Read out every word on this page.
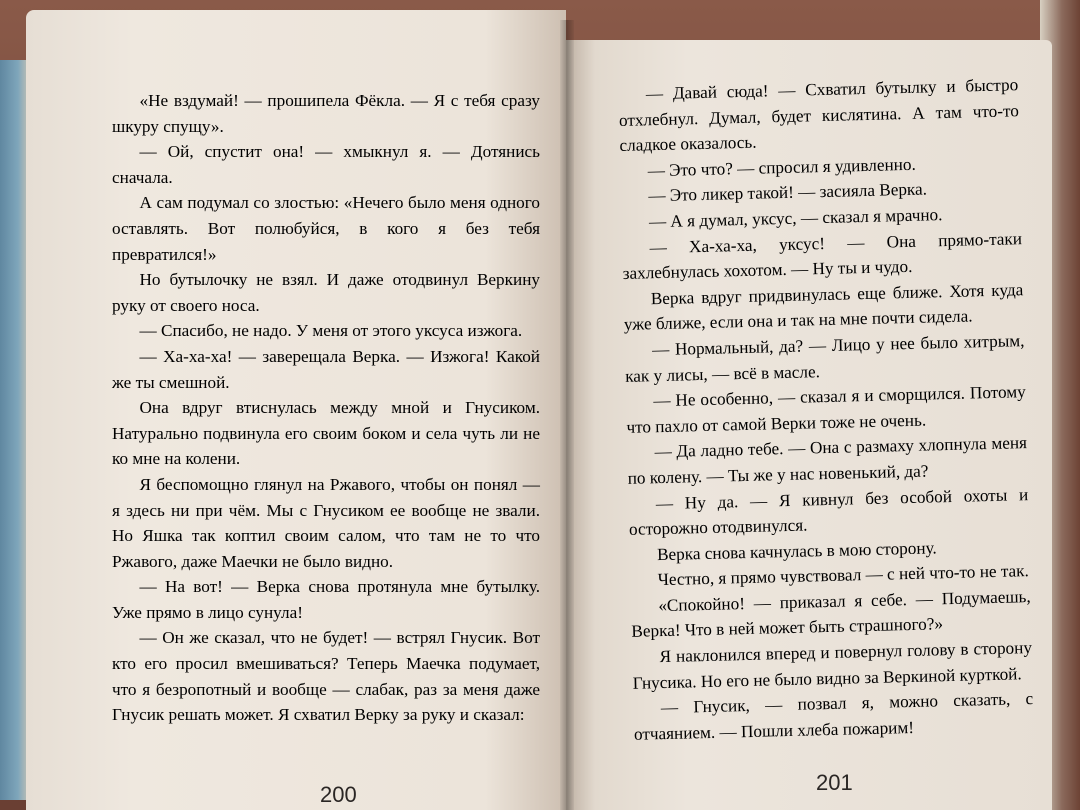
«Не вздумай! — прошипела Фёкла. — Я с тебя сразу шкуру спущу».

— Ой, спустит она! — хмыкнул я. — Дотянись сначала.

А сам подумал со злостью: «Нечего было меня одного оставлять. Вот полюбуйся, в кого я без тебя превратился!»

Но бутылочку не взял. И даже отодвинул Веркину руку от своего носа.

— Спасибо, не надо. У меня от этого уксуса изжога.

— Ха-ха-ха! — заверещала Верка. — Изжога! Какой же ты смешной.

Она вдруг втиснулась между мной и Гнусиком. Натурально подвинула его своим боком и села чуть ли не ко мне на колени.

Я беспомощно глянул на Ржавого, чтобы он понял — я здесь ни при чём. Мы с Гнусиком ее вообще не звали. Но Яшка так коптил своим салом, что там не то что Ржавого, даже Маечки не было видно.

— На вот! — Верка снова протянула мне бутылку. Уже прямо в лицо сунула!

— Он же сказал, что не будет! — встрял Гнусик. Вот кто его просил вмешиваться? Теперь Маечка подумает, что я безропотный и вообще — слабак, раз за меня даже Гнусик решать может. Я схватил Верку за руку и сказал:

— Давай сюда! — Схватил бутылку и быстро отхлебнул. Думал, будет кислятина. А там что-то сладкое оказалось.

— Это что? — спросил я удивленно.

— Это ликер такой! — засияла Верка.

— А я думал, уксус, — сказал я мрачно.

— Ха-ха-ха, уксус! — Она прямо-таки захлебнулась хохотом. — Ну ты и чудо.

Верка вдруг придвинулась еще ближе. Хотя куда уже ближе, если она и так на мне почти сидела.

— Нормальный, да? — Лицо у нее было хитрым, как у лисы, — всё в масле.

— Не особенно, — сказал я и сморщился. Потому что пахло от самой Верки тоже не очень.

— Да ладно тебе. — Она с размаху хлопнула меня по колену. — Ты же у нас новенький, да?

— Ну да. — Я кивнул без особой охоты и осторожно отодвинулся.

Верка снова качнулась в мою сторону.

Честно, я прямо чувствовал — с ней что-то не так.

«Спокойно! — приказал я себе. — Подумаешь, Верка! Что в ней может быть страшного?»

Я наклонился вперед и повернул голову в сторону Гнусика. Но его не было видно за Веркиной курткой.

— Гнусик, — позвал я, можно сказать, с отчаянием. — Пошли хлеба пожарим!

200	201
